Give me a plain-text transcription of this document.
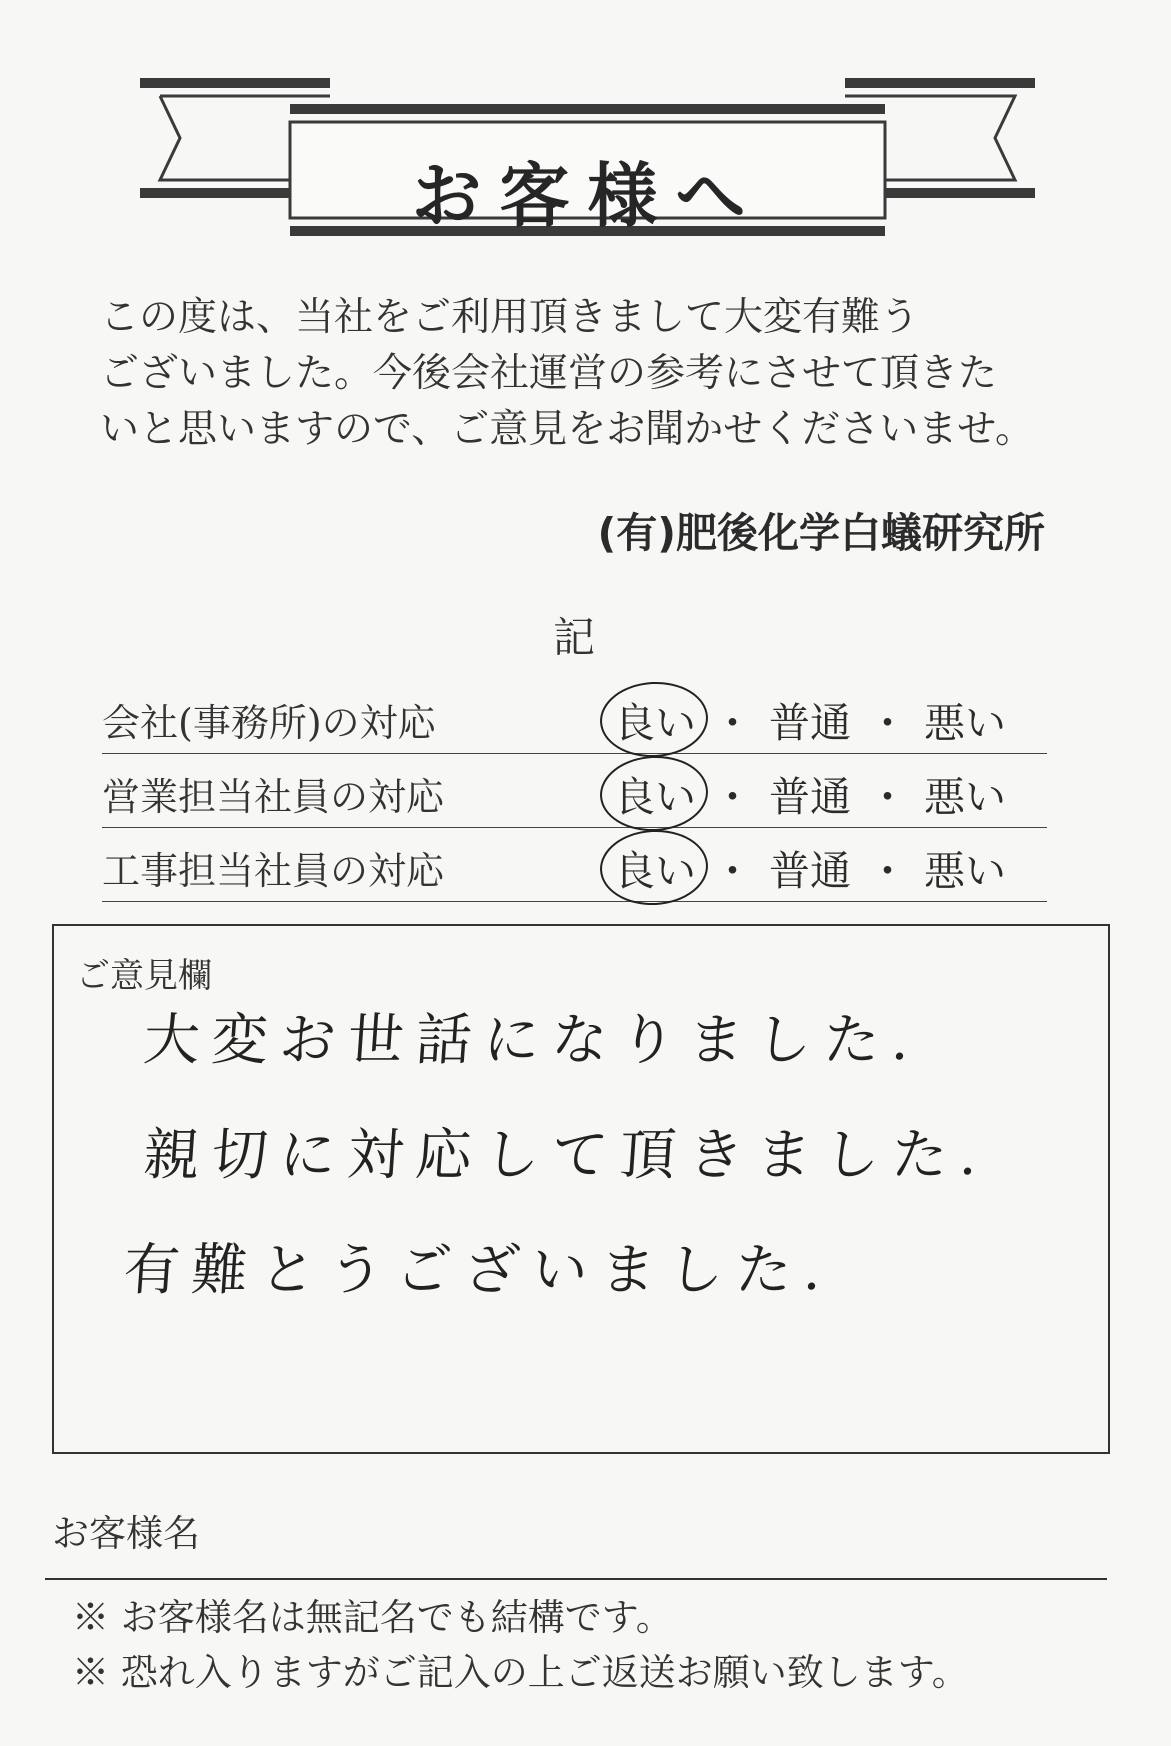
お客様へ
この度は、当社をご利用頂きまして大変有難う
ございました。今後会社運営の参考にさせて頂きた
いと思いますので、ご意見をお聞かせくださいませ。
(有)肥後化学白蟻研究所
記
会社(事務所)の対応	良い ・ 普通 ・ 悪い
営業担当社員の対応	良い ・ 普通 ・ 悪い
工事担当社員の対応	良い ・ 普通 ・ 悪い
ご意見欄
大変お世話になりました.
親切に対応して頂きました.
有難とうございました.
お客様名
※ お客様名は無記名でも結構です。
※ 恐れ入りますがご記入の上ご返送お願い致します。
